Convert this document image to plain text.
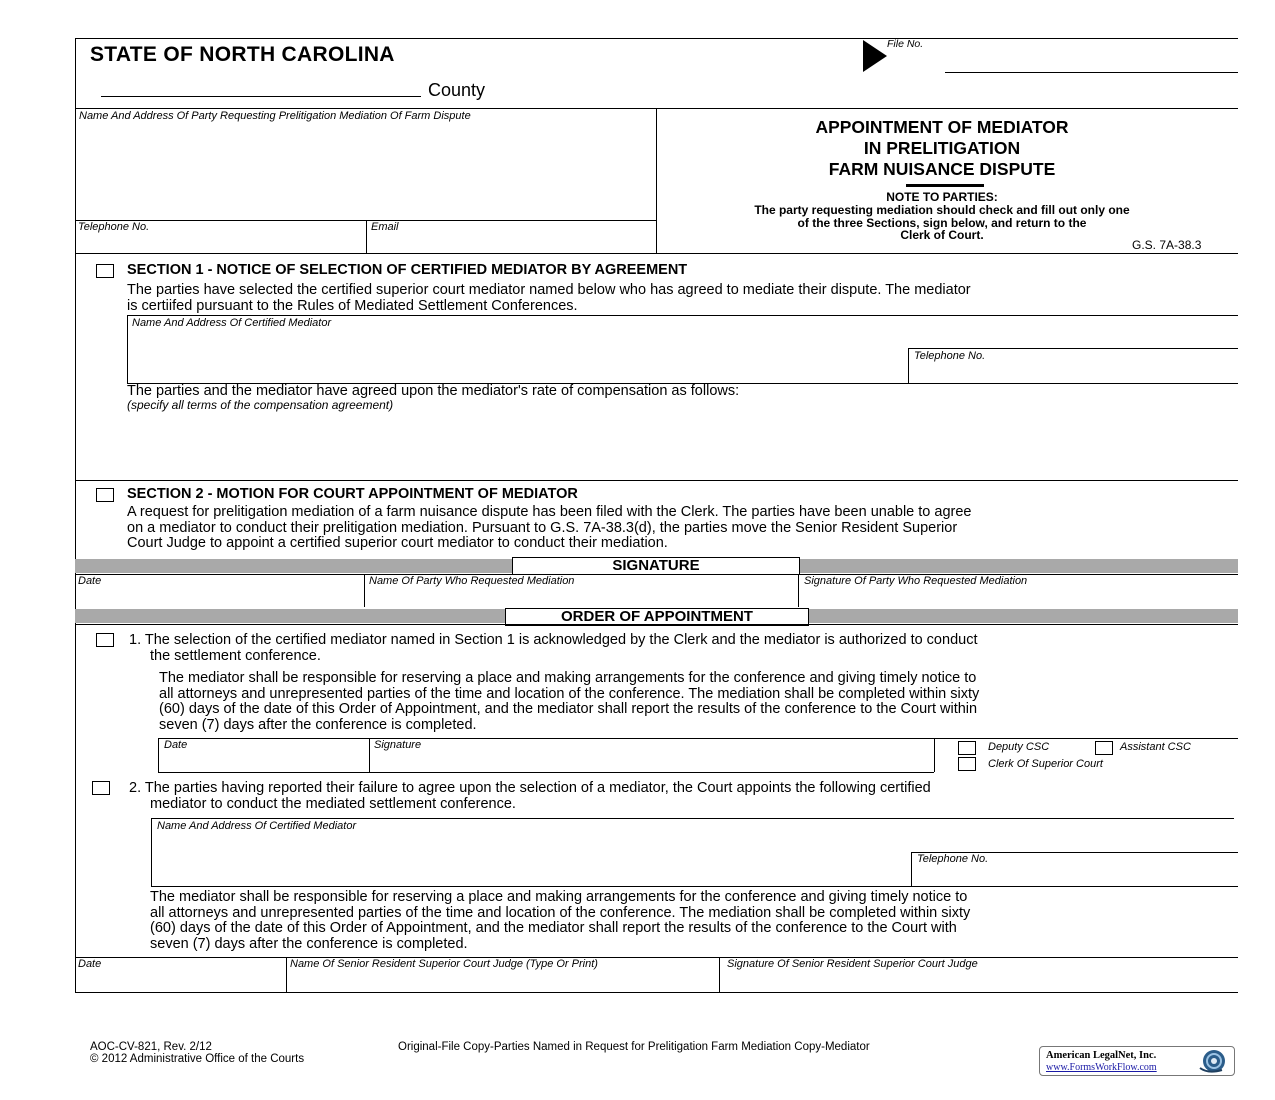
STATE OF NORTH CAROLINA
County
File No.
Name And Address Of Party Requesting Prelitigation Mediation Of Farm Dispute
Telephone No.	Email
APPOINTMENT OF MEDIATOR
IN PRELITIGATION
FARM NUISANCE DISPUTE
NOTE TO PARTIES:
The party requesting mediation should check and fill out only one
of the three Sections, sign below, and return to the
Clerk of Court.
G.S. 7A-38.3
SECTION 1 - NOTICE OF SELECTION OF CERTIFIED MEDIATOR BY AGREEMENT
The parties have selected the certified superior court mediator named below who has agreed to mediate their dispute. The mediator
is certiifed pursuant to the Rules of Mediated Settlement Conferences.
Name And Address Of Certified Mediator
Telephone No.
The parties and the mediator have agreed upon the mediator's rate of compensation as follows:
(specify all terms of the compensation agreement)
SECTION 2 - MOTION FOR COURT APPOINTMENT OF MEDIATOR
A request for prelitigation mediation of a farm nuisance dispute has been filed with the Clerk. The parties have been unable to agree
on a mediator to conduct their prelitigation mediation. Pursuant to G.S. 7A-38.3(d), the parties move the Senior Resident Superior
Court Judge to appoint a certified superior court mediator to conduct their mediation.
SIGNATURE
Date	Name Of Party Who Requested Mediation	Signature Of Party Who Requested Mediation
ORDER OF APPOINTMENT
1. The selection of the certified mediator named in Section 1 is acknowledged by the Clerk and the mediator is authorized to conduct
the settlement conference.
The mediator shall be responsible for reserving a place and making arrangements for the conference and giving timely notice to
all attorneys and unrepresented parties of the time and location of the conference. The mediation shall be completed within sixty
(60) days of the date of this Order of Appointment, and the mediator shall report the results of the conference to the Court within
seven (7) days after the conference is completed.
Date	Signature	Deputy CSC	Assistant CSC
Clerk Of Superior Court
2. The parties having reported their failure to agree upon the selection of a mediator, the Court appoints the following certified
mediator to conduct the mediated settlement conference.
Name And Address Of Certified Mediator
Telephone No.
The mediator shall be responsible for reserving a place and making arrangements for the conference and giving timely notice to
all attorneys and unrepresented parties of the time and location of the conference. The mediation shall be completed within sixty
(60) days of the date of this Order of Appointment, and the mediator shall report the results of the conference to the Court with
seven (7) days after the conference is completed.
Date	Name Of Senior Resident Superior Court Judge (Type Or Print)	Signature Of Senior Resident Superior Court Judge
AOC-CV-821, Rev. 2/12
© 2012 Administrative Office of the Courts
Original-File Copy-Parties Named in Request for Prelitigation Farm Mediation Copy-Mediator
American LegalNet, Inc.
www.FormsWorkFlow.com
